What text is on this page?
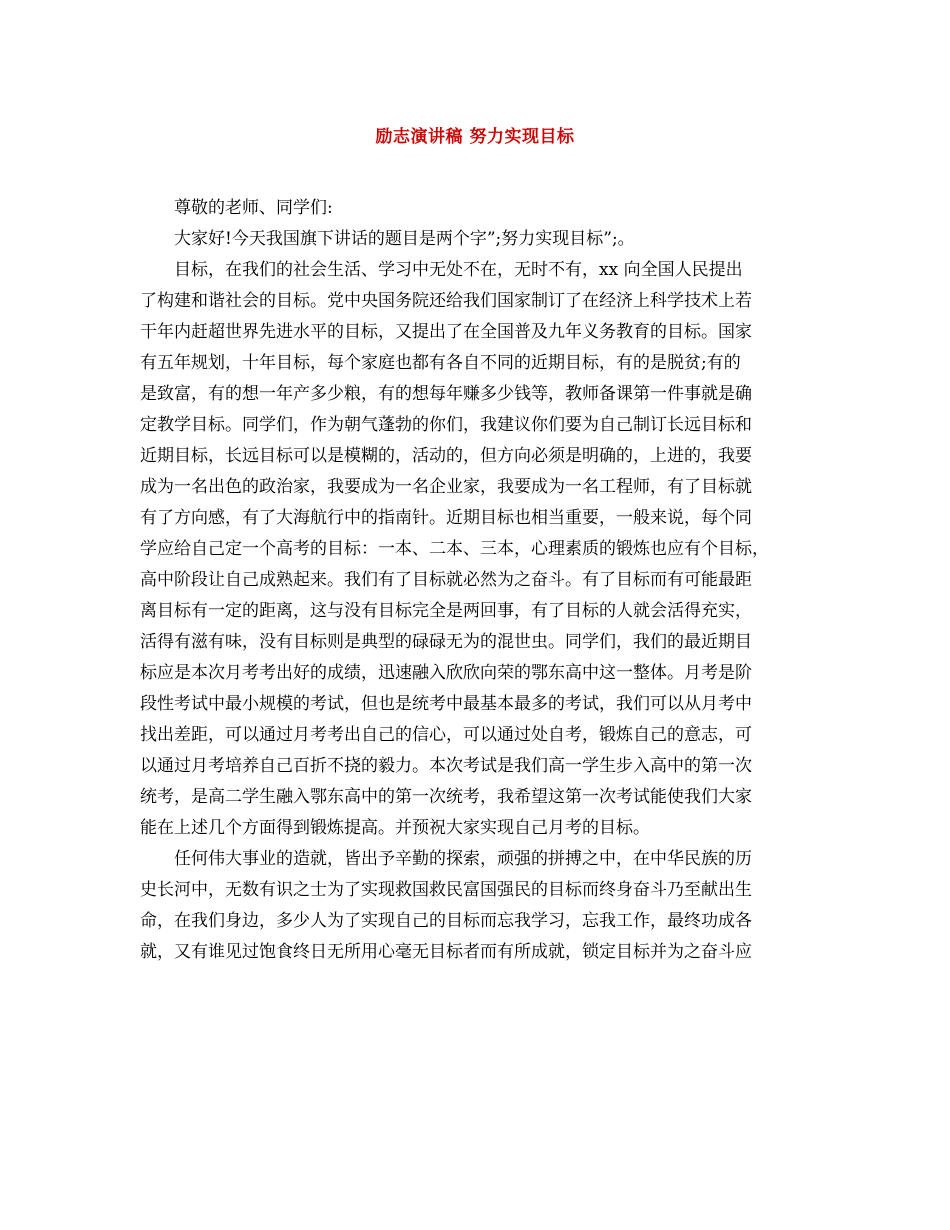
励志演讲稿 努力实现目标
尊敬的老师、同学们:
大家好!今天我国旗下讲话的题目是两个字”;努力实现目标”;。
目标，在我们的社会生活、学习中无处不在，无时不有，xx 向全国人民提出
了构建和谐社会的目标。党中央国务院还给我们国家制订了在经济上科学技术上若
干年内赶超世界先进水平的目标，又提出了在全国普及九年义务教育的目标。国家
有五年规划，十年目标，每个家庭也都有各自不同的近期目标，有的是脱贫;有的
是致富，有的想一年产多少粮，有的想每年赚多少钱等，教师备课第一件事就是确
定教学目标。同学们，作为朝气蓬勃的你们，我建议你们要为自己制订长远目标和
近期目标，长远目标可以是模糊的，活动的，但方向必须是明确的，上进的，我要
成为一名出色的政治家，我要成为一名企业家，我要成为一名工程师，有了目标就
有了方向感，有了大海航行中的指南针。近期目标也相当重要，一般来说，每个同
学应给自己定一个高考的目标：一本、二本、三本，心理素质的锻炼也应有个目标，
高中阶段让自己成熟起来。我们有了目标就必然为之奋斗。有了目标而有可能最距
离目标有一定的距离，这与没有目标完全是两回事，有了目标的人就会活得充实，
活得有滋有味，没有目标则是典型的碌碌无为的混世虫。同学们，我们的最近期目
标应是本次月考考出好的成绩，迅速融入欣欣向荣的鄂东高中这一整体。月考是阶
段性考试中最小规模的考试，但也是统考中最基本最多的考试，我们可以从月考中
找出差距，可以通过月考考出自己的信心，可以通过处自考，锻炼自己的意志，可
以通过月考培养自己百折不挠的毅力。本次考试是我们高一学生步入高中的第一次
统考，是高二学生融入鄂东高中的第一次统考，我希望这第一次考试能使我们大家
能在上述几个方面得到锻炼提高。并预祝大家实现自己月考的目标。
任何伟大事业的造就，皆出予辛勤的探索，顽强的拼搏之中，在中华民族的历
史长河中，无数有识之士为了实现救国救民富国强民的目标而终身奋斗乃至献出生
命，在我们身边，多少人为了实现自己的目标而忘我学习，忘我工作，最终功成各
就，又有谁见过饱食终日无所用心毫无目标者而有所成就，锁定目标并为之奋斗应
